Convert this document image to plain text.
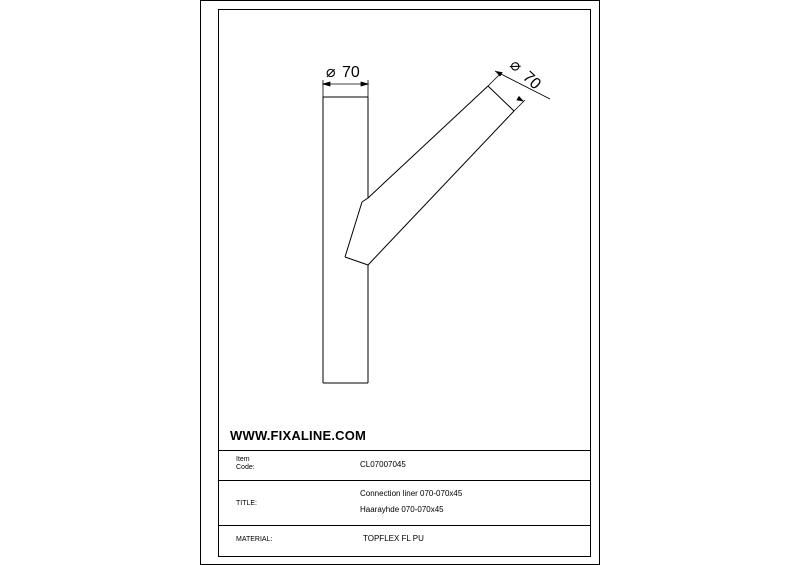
⌀ 70	⌀
70
WWW.FIXALINE.COM
Item
Code:	CL07007045
TITLE:
Connection liner 070-070x45
Haarayhde 070-070x45
MATERIAL:	TOPFLEX FL PU
